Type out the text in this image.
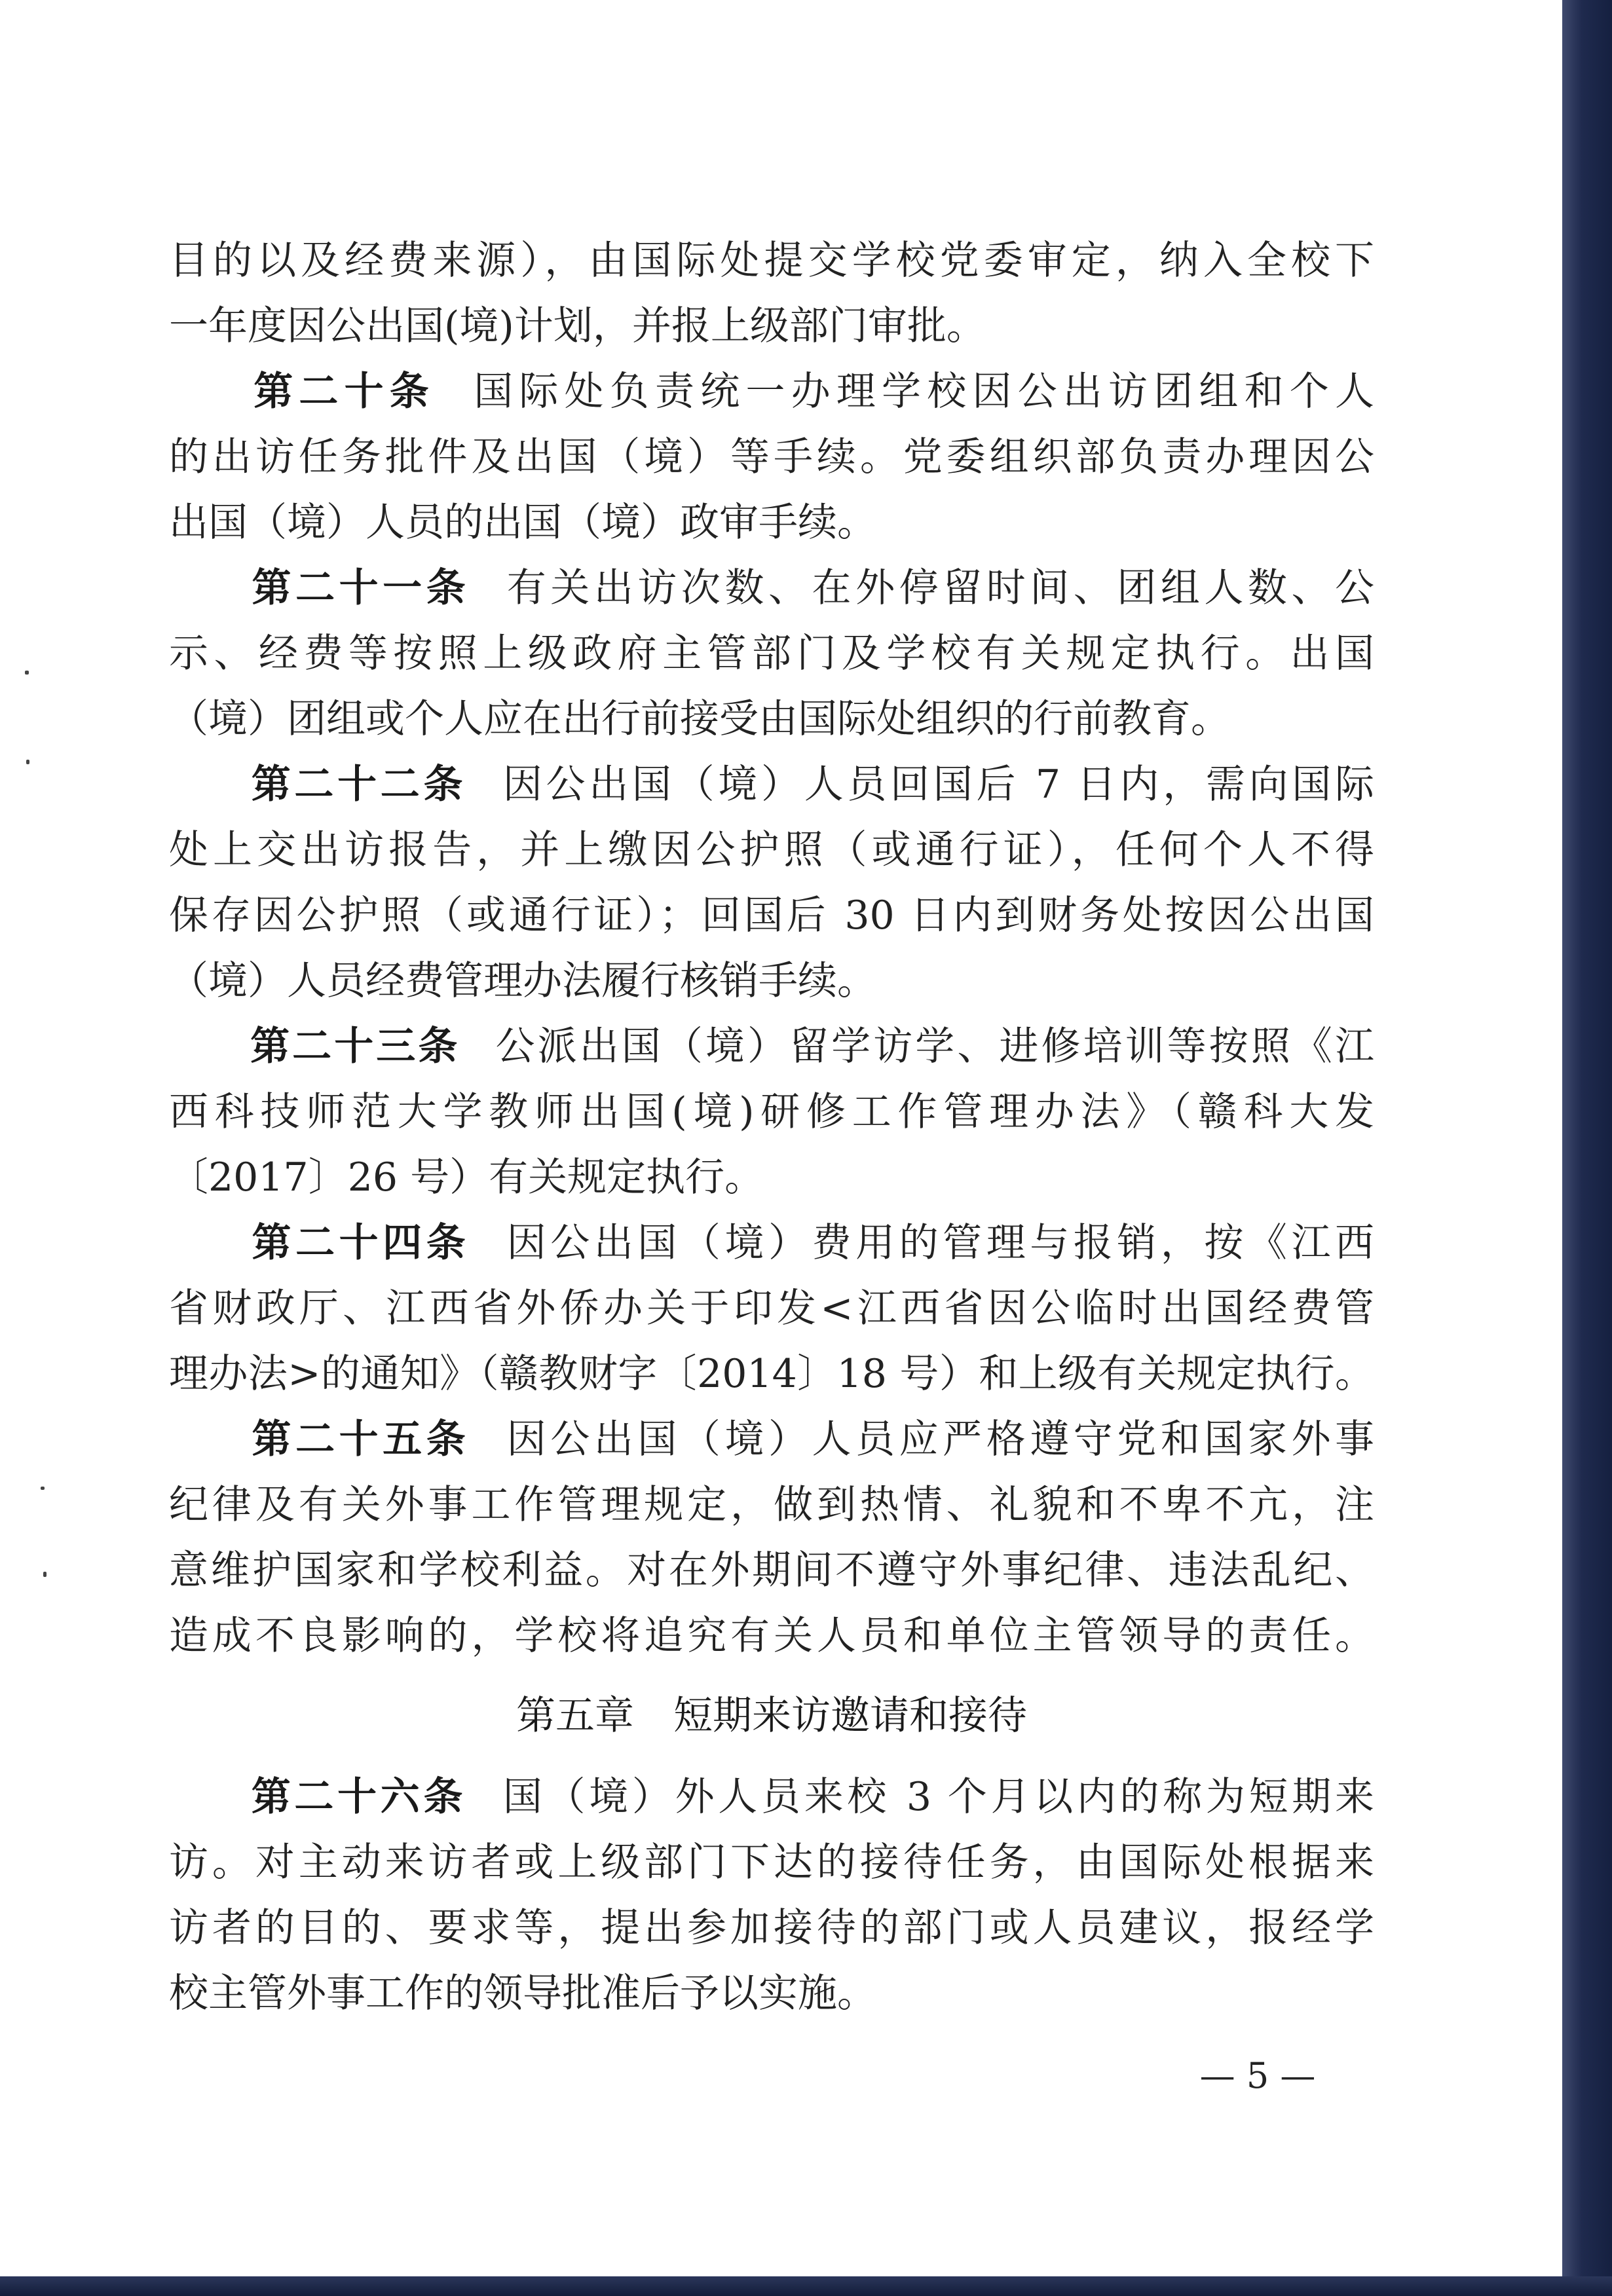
目的以及经费来源），由国际处提交学校党委审定，纳入全校下
一年度因公出国(境)计划，并报上级部门审批。
第二十条 国际处负责统一办理学校因公出访团组和个人
的出访任务批件及出国（境）等手续。党委组织部负责办理因公
出国（境）人员的出国（境）政审手续。
第二十一条 有关出访次数、在外停留时间、团组人数、公
示、经费等按照上级政府主管部门及学校有关规定执行。出国
（境）团组或个人应在出行前接受由国际处组织的行前教育。
第二十二条 因公出国（境）人员回国后 7 日内，需向国际
处上交出访报告，并上缴因公护照（或通行证），任何个人不得
保存因公护照（或通行证）；回国后 30 日内到财务处按因公出国
（境）人员经费管理办法履行核销手续。
第二十三条 公派出国（境）留学访学、进修培训等按照《江
西科技师范大学教师出国(境)研修工作管理办法》（赣科大发
〔2017〕26 号）有关规定执行。
第二十四条 因公出国（境）费用的管理与报销，按《江西
省财政厅、江西省外侨办关于印发<江西省因公临时出国经费管
理办法>的通知》（赣教财字〔2014〕18 号）和上级有关规定执行。
第二十五条 因公出国（境）人员应严格遵守党和国家外事
纪律及有关外事工作管理规定，做到热情、礼貌和不卑不亢，注
意维护国家和学校利益。对在外期间不遵守外事纪律、违法乱纪、
造成不良影响的，学校将追究有关人员和单位主管领导的责任。
第五章　短期来访邀请和接待
第二十六条 国（境）外人员来校 3 个月以内的称为短期来
访。对主动来访者或上级部门下达的接待任务，由国际处根据来
访者的目的、要求等，提出参加接待的部门或人员建议，报经学
校主管外事工作的领导批准后予以实施。
— 5 —
